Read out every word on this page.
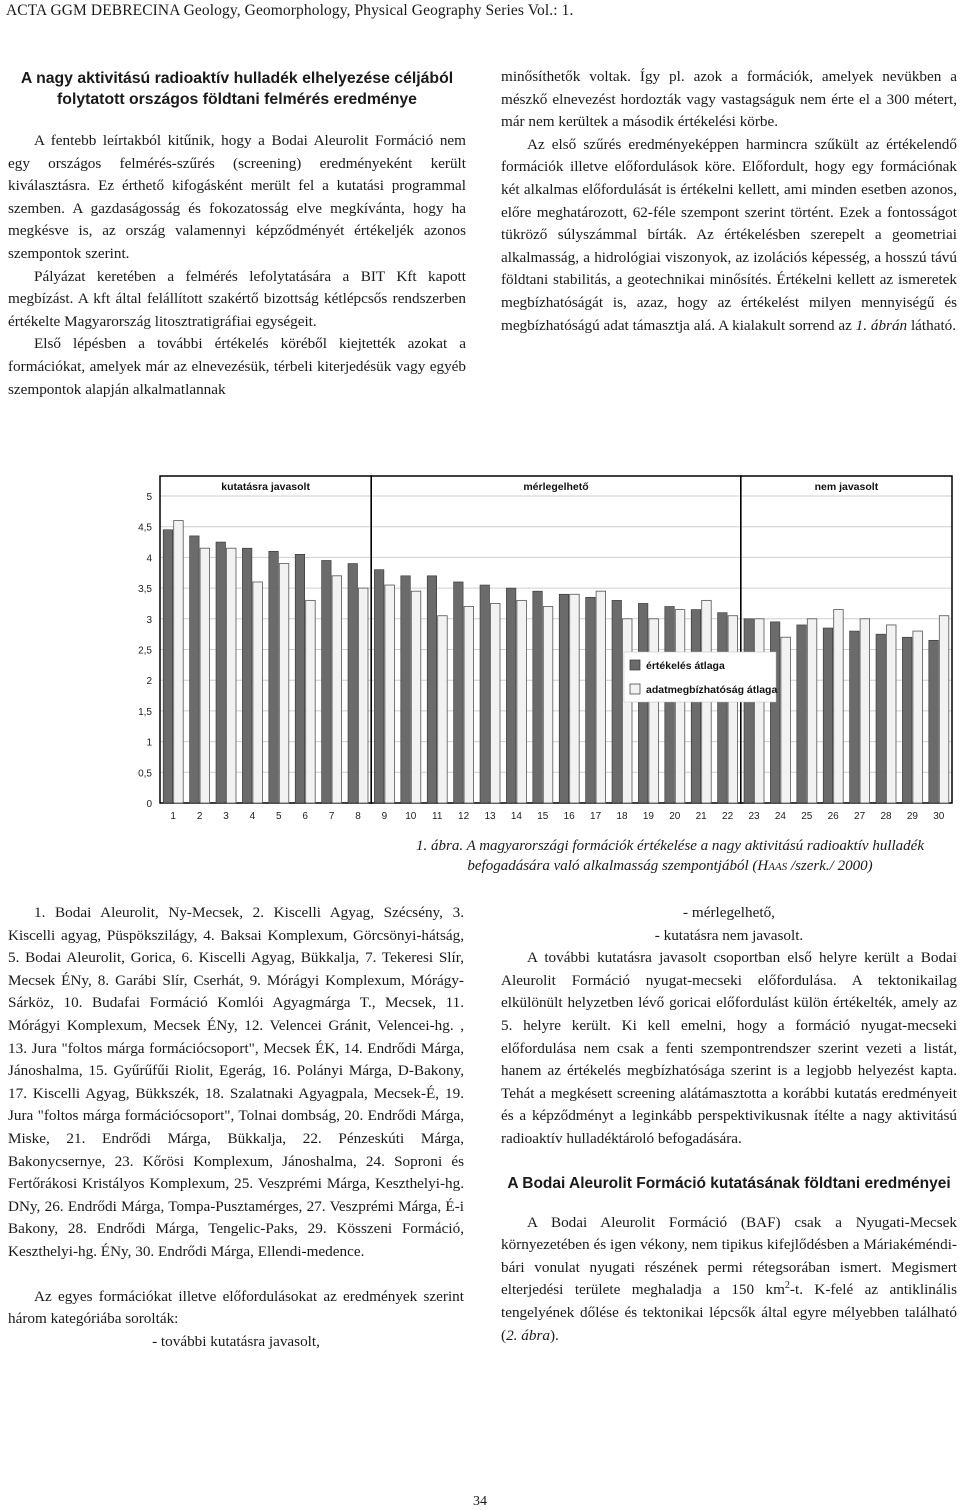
ACTA GGM DEBRECINA Geology, Geomorphology, Physical Geography Series Vol.: 1.
A nagy aktivitású radioaktív hulladék elhelyezése céljából folytatott országos földtani felmérés eredménye

A fentebb leírtakból kitűnik, hogy a Bodai Aleurolit Formáció nem egy országos felmérés-szűrés (screening) eredményeként került kiválasztásra. Ez érthető kifogásként merült fel a kutatási programmal szemben. A gazdaságosság és fokozatosság elve megkívánta, hogy ha megkésve is, az ország valamennyi képződményét értékeljék azonos szempontok szerint.

Pályázat keretében a felmérés lefolytatására a BIT Kft kapott megbízást. A kft által felállított szakértő bizottság kétlépcsős rendszerben értékelte Magyarország litosztratigráfiai egységeit.

Első lépésben a további értékelés köréből kiejtették azokat a formációkat, amelyek már az elnevezésük, térbeli kiterjedésük vagy egyéb szempontok alapján alkalmatlannak

minősíthetők voltak. Így pl. azok a formációk, amelyek nevükben a mészkő elnevezést hordozták vagy vastagságuk nem érte el a 300 métert, már nem kerültek a második értékelési körbe.

Az első szűrés eredményeképpen harmincra szűkült az értékelendő formációk illetve előfordulások köre. Előfordult, hogy egy formációnak két alkalmas előfordulását is értékelni kellett, ami minden esetben azonos, előre meghatározott, 62-féle szempont szerint történt. Ezek a fontosságot tükröző súlyszámmal bírták. Az értékelésben szerepelt a geometriai alkalmasság, a hidrológiai viszonyok, az izolációs képesség, a hosszú távú földtani stabilitás, a geotechnikai minősítés. Értékelni kellett az ismeretek megbízhatóságát is, azaz, hogy az értékelést milyen mennyiségű és megbízhatóságú adat támasztja alá. A kialakult sorrend az 1. ábrán látható.

0
0,5
1
1,5
2
2,5
3
3,5
4
4,5
5
kutatásra javasolt	mérlegelhető	nem javasolt
1 2 3 4 5 6 7 8 9 10 11 12 13 14 15 16 17 18 19 20 21 22 23 24 25 26 27 28 29 30
értékelés átlaga
adatmegbízhatóság átlaga
1. ábra. A magyarországi formációk értékelése a nagy aktivitású radioaktív hulladék befogadására való alkalmasság szempontjából (Haas /szerk./ 2000)

1. Bodai Aleurolit, Ny-Mecsek, 2. Kiscelli Agyag, Szécsény, 3. Kiscelli agyag, Püspökszilágy, 4. Baksai Komplexum, Görcsönyi-hátság, 5. Bodai Aleurolit, Gorica, 6. Kiscelli Agyag, Bükkalja, 7. Tekeresi Slír, Mecsek ÉNy, 8. Garábi Slír, Cserhát, 9. Mórágyi Komplexum, Mórágy-Sárköz, 10. Budafai Formáció Komlói Agyagmárga T., Mecsek, 11. Mórágyi Komplexum, Mecsek ÉNy, 12. Velencei Gránit, Velencei-hg. , 13. Jura "foltos márga formációcsoport", Mecsek ÉK, 14. Endrődi Márga, Jánoshalma, 15. Gyűrűfűi Riolit, Egerág, 16. Polányi Márga, D-Bakony, 17. Kiscelli Agyag, Bükkszék, 18. Szalatnaki Agyagpala, Mecsek-É, 19. Jura "foltos márga formációcsoport", Tolnai dombság, 20. Endrődi Márga, Miske, 21. Endrődi Márga, Bükkalja, 22. Pénzeskúti Márga, Bakonycsernye, 23. Kőrösi Komplexum, Jánoshalma, 24. Soproni és Fertőrákosi Kristályos Komplexum, 25. Veszprémi Márga, Keszthelyi-hg. DNy, 26. Endrődi Márga, Tompa-Pusztamérges, 27. Veszprémi Márga, É-i Bakony, 28. Endrődi Márga, Tengelic-Paks, 29. Kösszeni Formáció, Keszthelyi-hg. ÉNy, 30. Endrődi Márga, Ellendi-medence.

Az egyes formációkat illetve előfordulásokat az eredmények szerint három kategóriába sorolták:

- további kutatásra javasolt,
- mérlegelhető,
- kutatásra nem javasolt.

A további kutatásra javasolt csoportban első helyre került a Bodai Aleurolit Formáció nyugat-mecseki előfordulása. A tektonikailag elkülönült helyzetben lévő goricai előfordulást külön értékelték, amely az 5. helyre került. Ki kell emelni, hogy a formáció nyugat-mecseki előfordulása nem csak a fenti szempontrendszer szerint vezeti a listát, hanem az értékelés megbízhatósága szerint is a legjobb helyezést kapta. Tehát a megkésett screening alátámasztotta a korábbi kutatás eredményeit és a képződményt a leginkább perspektivikusnak ítélte a nagy aktivitású radioaktív hulladéktároló befogadására.

A Bodai Aleurolit Formáció kutatásának földtani eredményei

A Bodai Aleurolit Formáció (BAF) csak a Nyugati-Mecsek környezetében és igen vékony, nem tipikus kifejlődésben a Máriakéméndi-bári vonulat nyugati részének permi rétegsorában ismert. Megismert elterjedési területe meghaladja a 150 $km^2-t$. K-felé az antiklinális tengelyének dőlése és tektonikai lépcsők által egyre mélyebben található (2. ábra).

34
